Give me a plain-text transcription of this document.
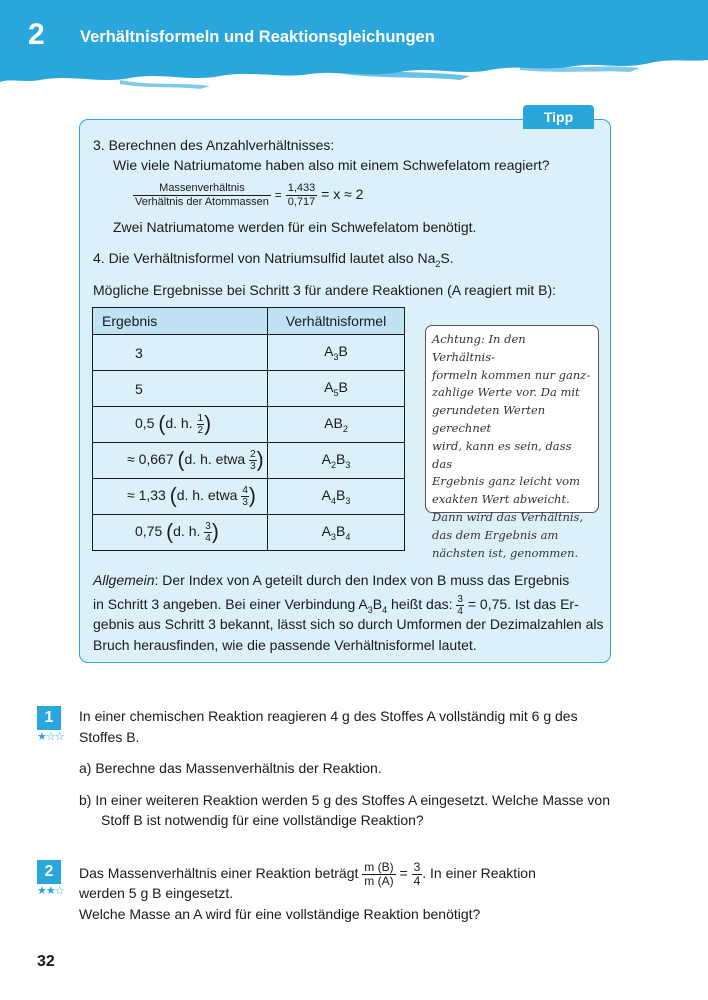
2 Verhältnisformeln und Reaktionsgleichungen
Tipp
3. Berechnen des Anzahlverhältnisses:
Wie viele Natriumatome haben also mit einem Schwefelatom reagiert?
$\frac{\text{Massenverhältnis}}{\text{Verhältnis der Atommassen}} = \frac{1,433}{0,717} = x \approx 2$
Zwei Natriumatome werden für ein Schwefelatom benötigt.
4. Die Verhältnisformel von Natriumsulfid lautet also $Na_2S$.
Mögliche Ergebnisse bei Schritt 3 für andere Reaktionen (A reagiert mit B):
Ergebnis	Verhältnisformel
3	$A_3B$
5	$A_5B$
0,5 (d. h. $\frac{1}{2}$ )	$AB_2$
≈ 0,667 (d. h. etwa $\frac{2}{3}$ )	$A_2B_3$
≈ 1,33 (d. h. etwa $\frac{4}{3}$ )	$A_4B_3$
0,75 (d. h. $\frac{3}{4}$ )	$A_3B_4$
Achtung: In den Verhältnis-
formeln kommen nur ganz-
zahlige Werte vor. Da mit
gerundeten Werten gerechnet
wird, kann es sein, dass das
Ergebnis ganz leicht vom
exakten Wert abweicht.
Dann wird das Verhältnis,
das dem Ergebnis am
nächsten ist, genommen.
Allgemein: Der Index von A geteilt durch den Index von B muss das Ergebnis
in Schritt 3 angeben. Bei einer Verbindung $A_3B_4$ heißt das: $\frac{3}{4} = 0,75$. Ist das Er-
gebnis aus Schritt 3 bekannt, lässt sich so durch Umformen der Dezimalzahlen als
Bruch herausfinden, wie die passende Verhältnisformel lautet.
1
★☆☆
In einer chemischen Reaktion reagieren 4 g des Stoffes A vollständig mit 6 g des
Stoffes B.
a) Berechne das Massenverhältnis der Reaktion.
b) In einer weiteren Reaktion werden 5 g des Stoffes A eingesetzt. Welche Masse von
Stoff B ist notwendig für eine vollständige Reaktion?
2
★★☆
Das Massenverhältnis einer Reaktion beträgt $\frac{m (B)}{m (A)} = \frac{3}{4}$ . In einer Reaktion
werden 5 g B eingesetzt.
Welche Masse an A wird für eine vollständige Reaktion benötigt?
32
